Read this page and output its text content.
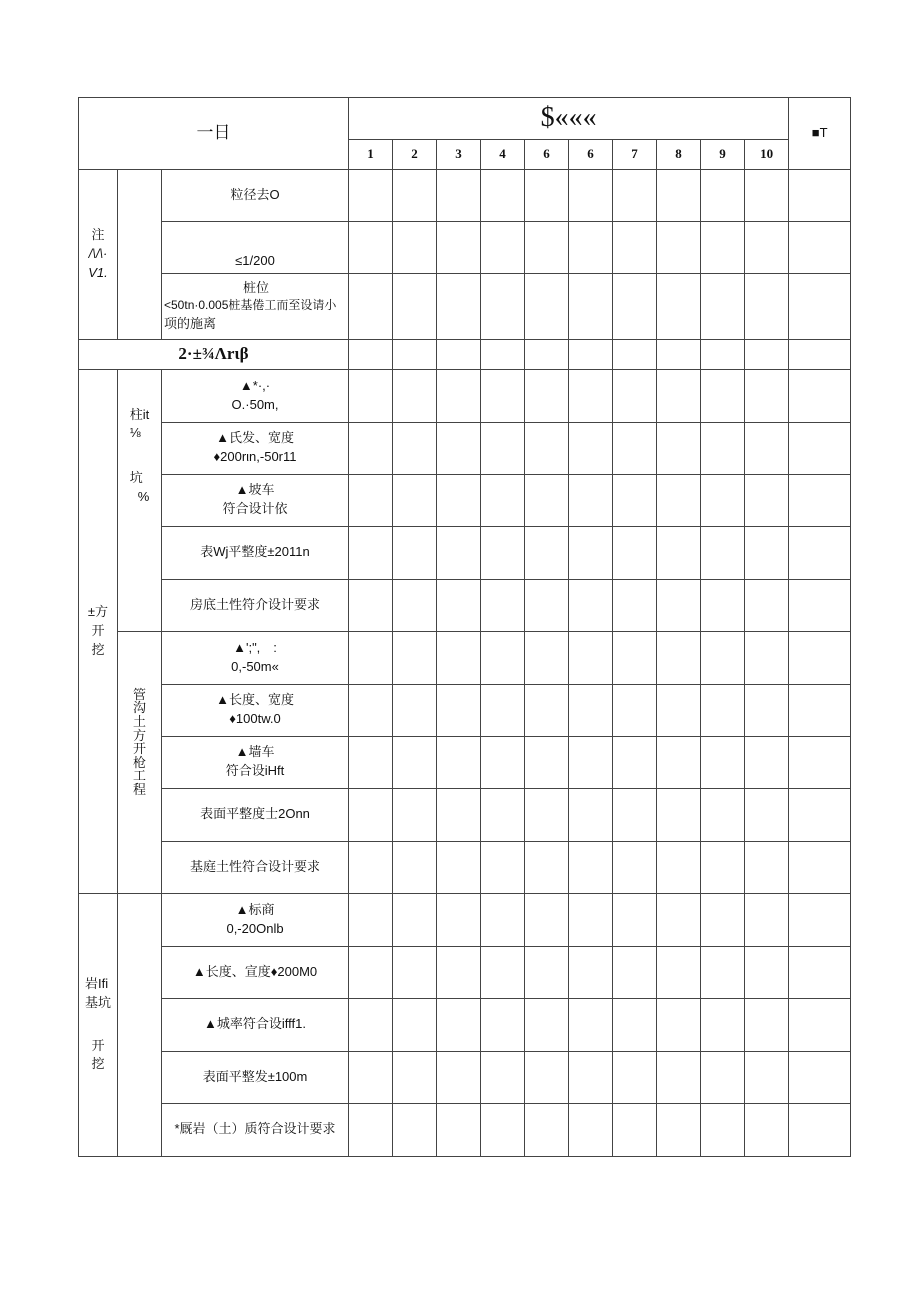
一日			$«««										■T
			1	2	3	4	6	6	7	8	9	10	

注
/\/\·
V1.		粒径去O											
		≤1/200											

		桩位
<50tn·0.005桩基倦工而至设请小
项的施离											

2·±¾Λrιβ													

±方
开
挖	柱it
⅛
坑
%	▲*·,·
O.·50m,											

		▲氏发、宽度
♦200rιn,-50r11											

		▲坡车
符合设计依											

		表Wj平整度±2011n											
		房底土性符介设计要求											
	管沟土方开枪工程	▲';",　:
0,-50m«											

		▲长度、宽度
♦100tw.0											

		▲墙车
符合设iHft											

		表面平整度士2Onn											
		基庭土性符合设计要求											

岩Ifi
基坑
开
挖		▲标商
0,-20Onlb											

		▲长度、宣度♦200M0											
		▲城率符合设ifff1.											
		表面平整发±100m											
		*厩岩（土）质符合设计要求											
